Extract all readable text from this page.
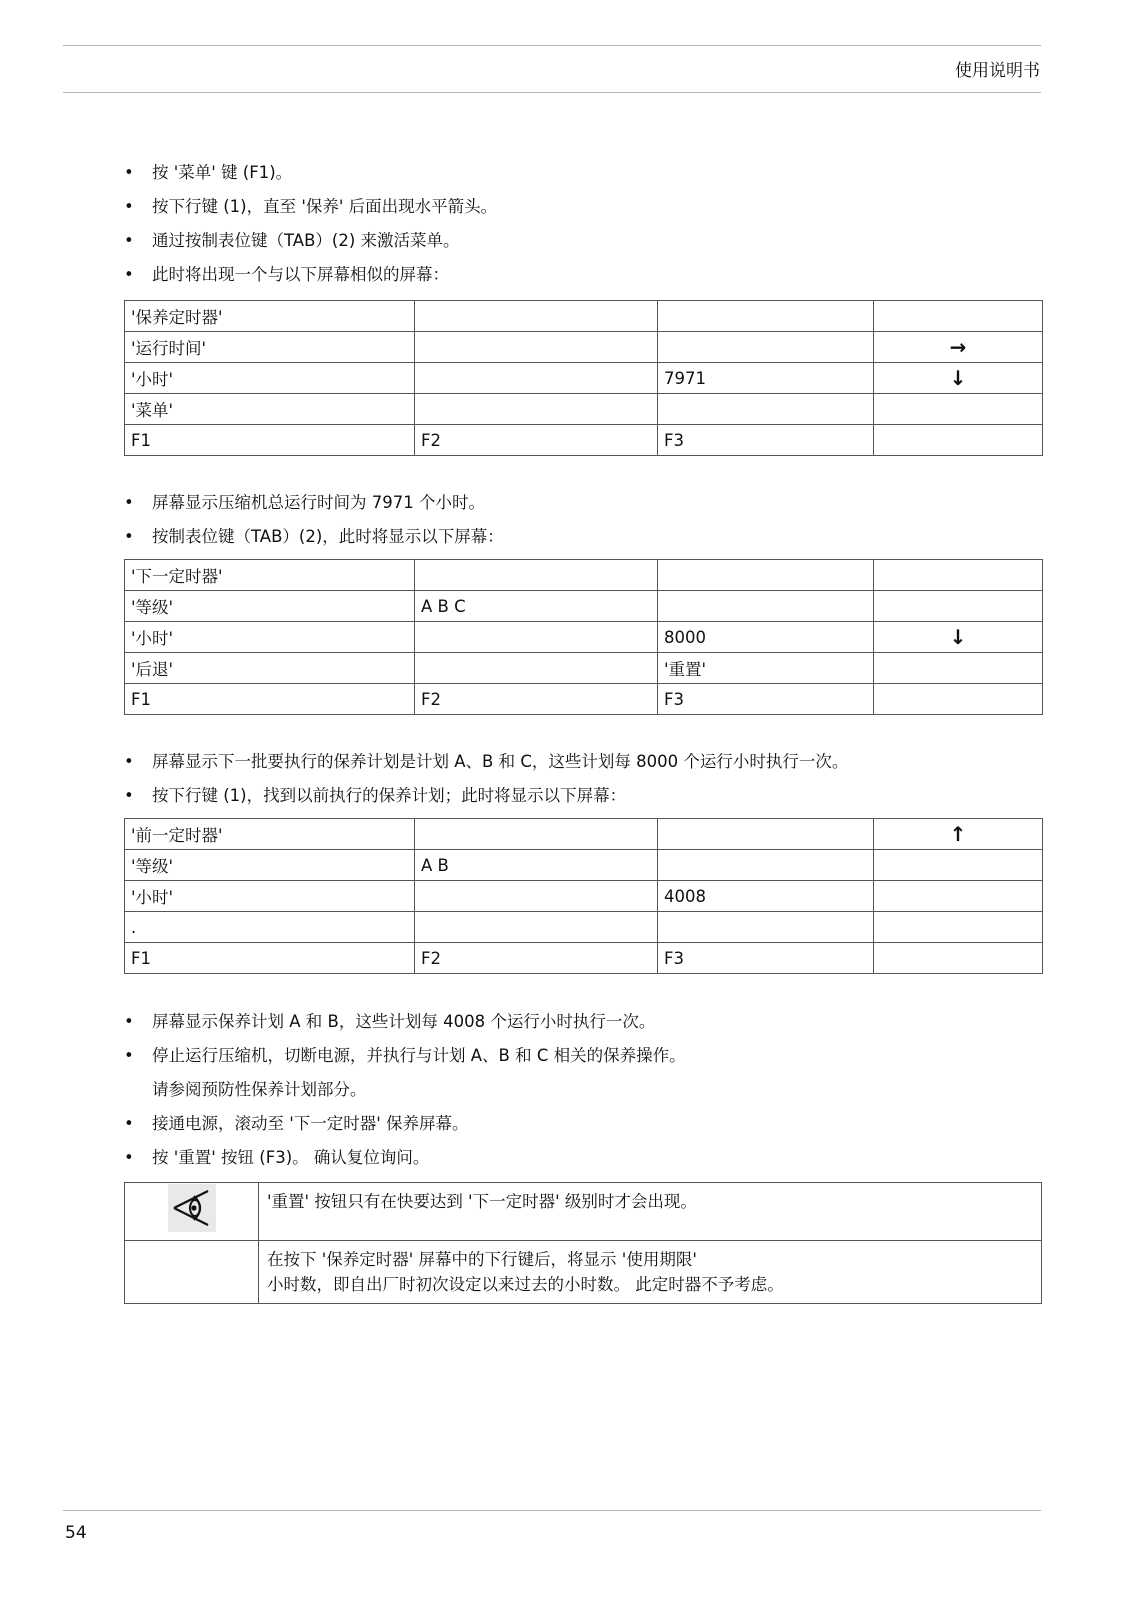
使用说明书
• 按 '菜单' 键 (F1)。
• 按下行键 (1)，直至 '保养' 后面出现水平箭头。
• 通过按制表位键（TAB）(2) 来激活菜单。
• 此时将出现一个与以下屏幕相似的屏幕：
'保养定时器'			
'运行时间'			→
'小时'		7971	↓
'菜单'			
F1	F2	F3	
• 屏幕显示压缩机总运行时间为 7971 个小时。
• 按制表位键（TAB）(2)，此时将显示以下屏幕：
'下一定时器'			
'等级'	A B C		
'小时'		8000	↓
'后退'		'重置'	
F1	F2	F3	
• 屏幕显示下一批要执行的保养计划是计划 A、B 和 C，这些计划每 8000 个运行小时执行一次。
• 按下行键 (1)，找到以前执行的保养计划；此时将显示以下屏幕：
'前一定时器'			↑
'等级'	A B		
'小时'		4008	
.			
F1	F2	F3	
• 屏幕显示保养计划 A 和 B，这些计划每 4008 个运行小时执行一次。
• 停止运行压缩机，切断电源，并执行与计划 A、B 和 C 相关的保养操作。
请参阅预防性保养计划部分。
• 接通电源，滚动至 '下一定时器' 保养屏幕。
• 按 '重置' 按钮 (F3)。 确认复位询问。
	'重置' 按钮只有在快要达到 '下一定时器' 级别时才会出现。

	在按下 '保养定时器' 屏幕中的下行键后，将显示 '使用期限'
小时数，即自出厂时初次设定以来过去的小时数。 此定时器不予考虑。
54
